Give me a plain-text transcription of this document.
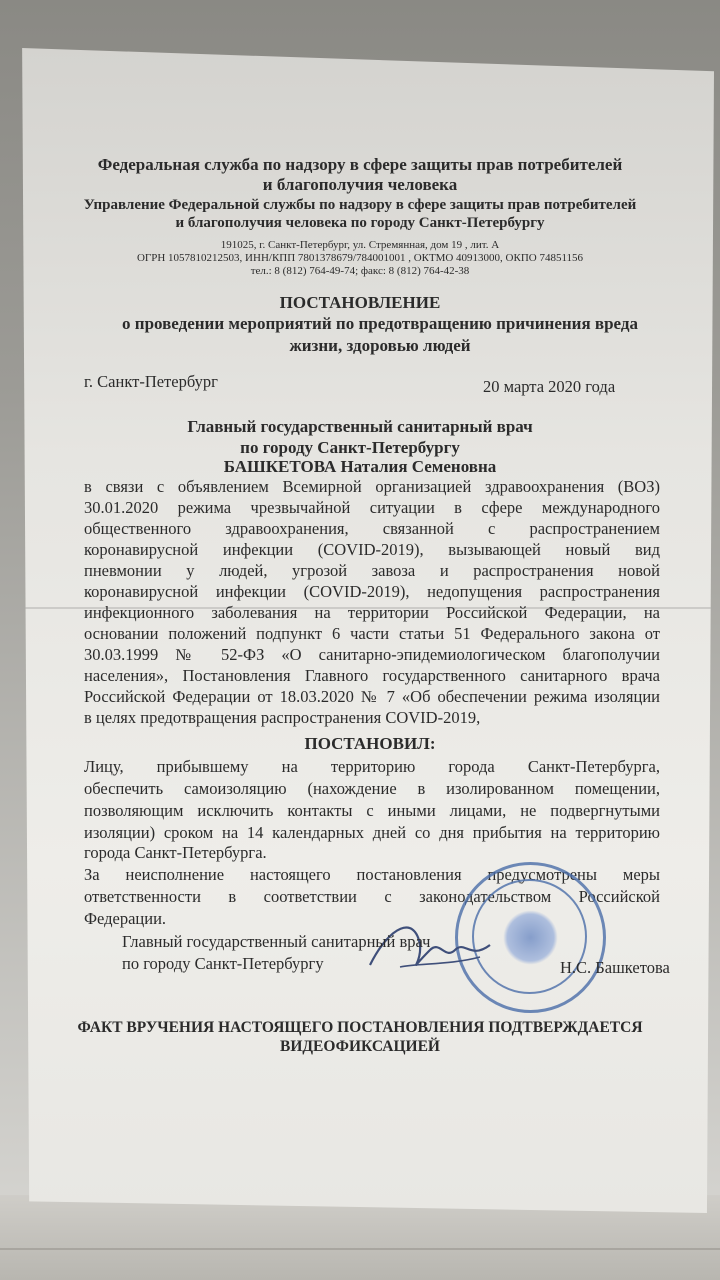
Федеральная служба по надзору в сфере защиты прав потребителей
и благополучия человека
Управление Федеральной службы по надзору в сфере защиты прав потребителей
и благополучия человека по городу Санкт-Петербургу
191025, г. Санкт-Петербург, ул. Стремянная, дом 19 , лит. А
ОГРН 1057810212503, ИНН/КПП 7801378679/784001001 , ОКТМО 40913000, ОКПО 74851156
тел.: 8 (812) 764-49-74; факс: 8 (812) 764-42-38
ПОСТАНОВЛЕНИЕ
о проведении мероприятий по предотвращению причинения вреда
жизни, здоровью людей
г. Санкт-Петербург	20 марта 2020 года
Главный государственный санитарный врач
по городу Санкт-Петербургу
БАШКЕТОВА Наталия Семеновна
в связи с объявлением Всемирной организацией здравоохранения (ВОЗ)
30.01.2020 режима чрезвычайной ситуации в сфере международного
общественного здравоохранения, связанной с распространением
коронавирусной инфекции (COVID-2019), вызывающей новый вид
пневмонии у людей, угрозой завоза и распространения новой
коронавирусной инфекции (COVID-2019), недопущения распространения
инфекционного заболевания на территории Российской Федерации, на
основании положений подпункт 6 части статьи 51 Федерального закона от
30.03.1999 № 52-ФЗ «О санитарно-эпидемиологическом благополучии
населения», Постановления Главного государственного санитарного врача
Российской Федерации от 18.03.2020 № 7 «Об обеспечении режима изоляции
в целях предотвращения распространения COVID-2019,
ПОСТАНОВИЛ:
Лицу, прибывшему на территорию города Санкт-Петербурга,
обеспечить самоизоляцию (нахождение в изолированном помещении,
позволяющим исключить контакты с иными лицами, не подвергнутыми
изоляции) сроком на 14 календарных дней со дня прибытия на территорию
города Санкт-Петербурга.
За неисполнение настоящего постановления предусмотрены меры
ответственности в соответствии с законодательством Российской
Федерации.
Главный государственный санитарный врач
по городу Санкт-Петербургу	Н.С. Башкетова
ФАКТ ВРУЧЕНИЯ НАСТОЯЩЕГО ПОСТАНОВЛЕНИЯ ПОДТВЕРЖДАЕТСЯ
ВИДЕОФИКСАЦИЕЙ
